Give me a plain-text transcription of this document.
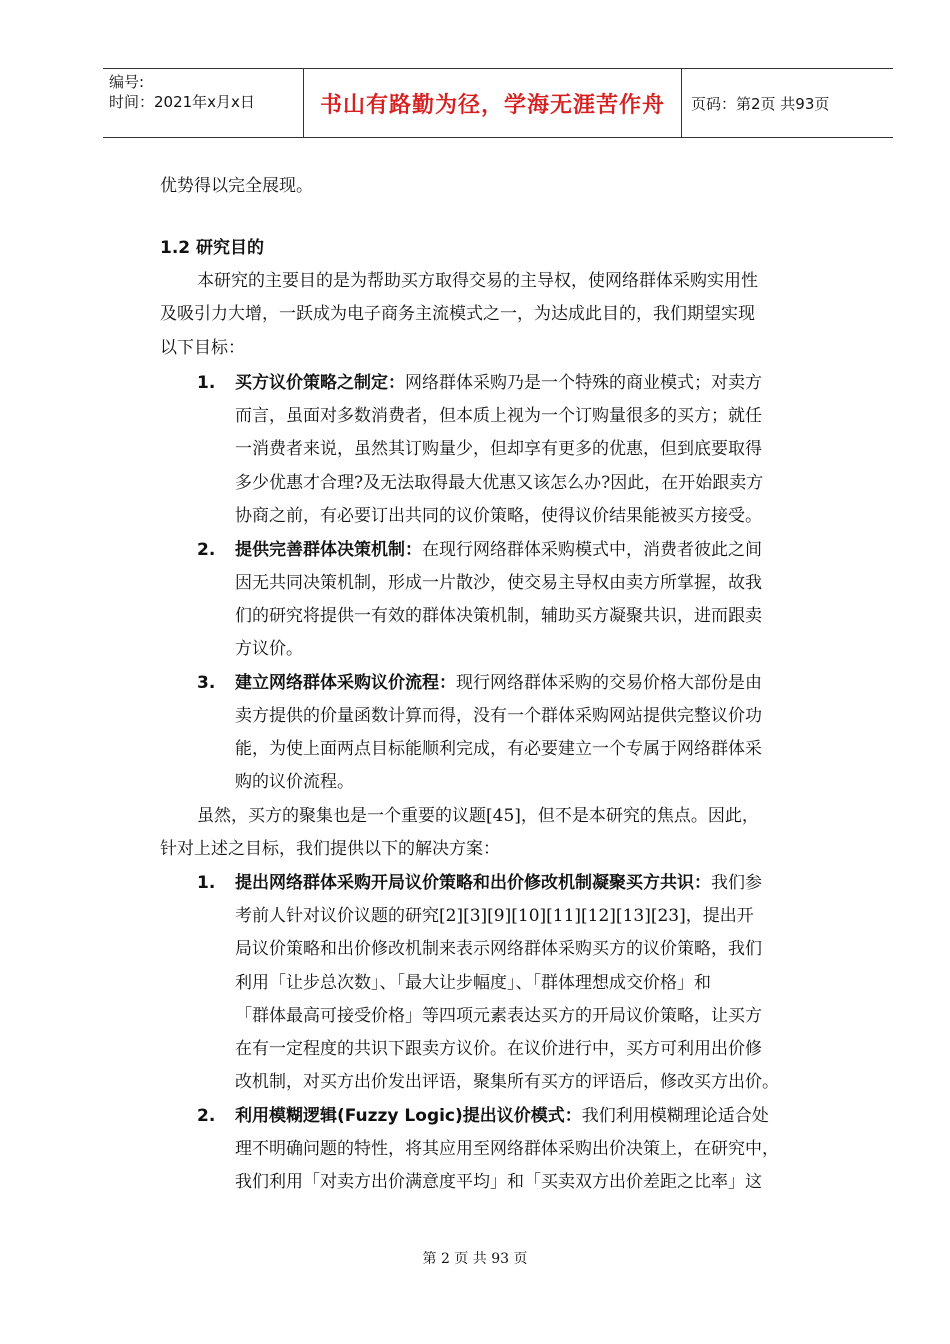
编号:
时间：2021年x月x日	书山有路勤为径，学海无涯苦作舟 页码：第2页 共93页
优势得以完全展现。
1.2 研究目的
本研究的主要目的是为帮助买方取得交易的主导权，使网络群体采购实用性
及吸引力大增，一跃成为电子商务主流模式之一，为达成此目的，我们期望实现
以下目标：
1. 买方议价策略之制定：网络群体采购乃是一个特殊的商业模式；对卖方
而言，虽面对多数消费者，但本质上视为一个订购量很多的买方；就任
一消费者来说，虽然其订购量少，但却享有更多的优惠，但到底要取得
多少优惠才合理?及无法取得最大优惠又该怎么办?因此，在开始跟卖方
协商之前，有必要订出共同的议价策略，使得议价结果能被买方接受。
2. 提供完善群体决策机制：在现行网络群体采购模式中，消费者彼此之间
因无共同决策机制，形成一片散沙，使交易主导权由卖方所掌握，故我
们的研究将提供一有效的群体决策机制，辅助买方凝聚共识，进而跟卖
方议价。
3. 建立网络群体采购议价流程：现行网络群体采购的交易价格大部份是由
卖方提供的价量函数计算而得，没有一个群体采购网站提供完整议价功
能，为使上面两点目标能顺利完成，有必要建立一个专属于网络群体采
购的议价流程。
虽然，买方的聚集也是一个重要的议题[45]，但不是本研究的焦点。因此，
针对上述之目标，我们提供以下的解决方案：
1. 提出网络群体采购开局议价策略和出价修改机制凝聚买方共识：我们参
考前人针对议价议题的研究[2][3][9][10][11][12][13][23]，提出开
局议价策略和出价修改机制来表示网络群体采购买方的议价策略，我们
利用「让步总次数」、「最大让步幅度」、「群体理想成交价格」和
「群体最高可接受价格」等四项元素表达买方的开局议价策略，让买方
在有一定程度的共识下跟卖方议价。在议价进行中，买方可利用出价修
改机制，对买方出价发出评语，聚集所有买方的评语后，修改买方出价。
2. 利用模糊逻辑(Fuzzy Logic)提出议价模式：我们利用模糊理论适合处
理不明确问题的特性，将其应用至网络群体采购出价决策上，在研究中，
我们利用「对卖方出价满意度平均」和「买卖双方出价差距之比率」这
第 2 页 共 93 页
